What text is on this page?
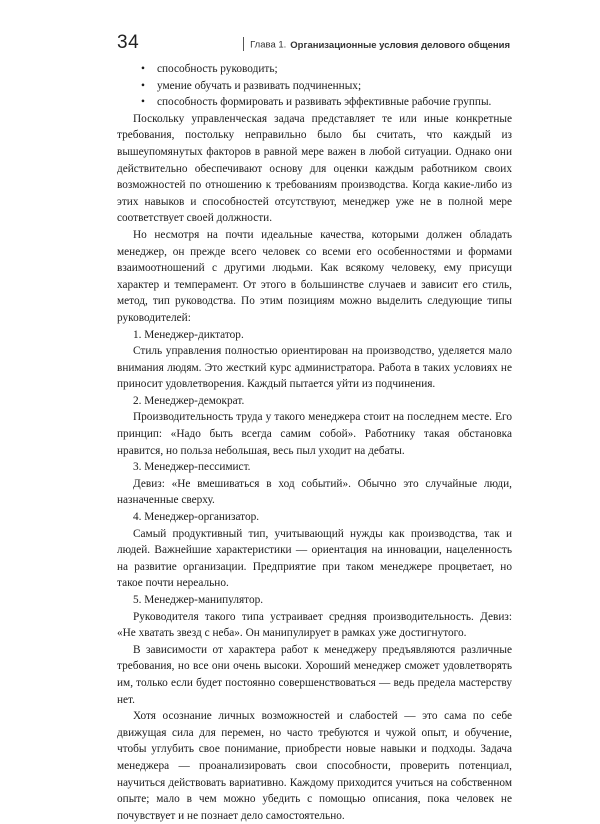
34	Глава 1. Организационные условия делового общения
• способность руководить;
• умение обучать и развивать подчиненных;
• способность формировать и развивать эффективные рабочие группы.

Поскольку управленческая задача представляет те или иные конкретные требования, постольку неправильно было бы считать, что каждый из вышеупомянутых факторов в равной мере важен в любой ситуации. Однако они действительно обеспечивают основу для оценки каждым работником своих возможностей по отношению к требованиям производства. Когда какие-либо из этих навыков и способностей отсутствуют, менеджер уже не в полной мере соответствует своей должности.

Но несмотря на почти идеальные качества, которыми должен обладать менеджер, он прежде всего человек со всеми его особенностями и формами взаимоотношений с другими людьми. Как всякому человеку, ему присущи характер и темперамент. От этого в большинстве случаев и зависит его стиль, метод, тип руководства. По этим позициям можно выделить следующие типы руководителей:

1. Менеджер-диктатор.

Стиль управления полностью ориентирован на производство, уделяется мало внимания людям. Это жесткий курс администратора. Работа в таких условиях не приносит удовлетворения. Каждый пытается уйти из подчинения.

2. Менеджер-демократ.

Производительность труда у такого менеджера стоит на последнем месте. Его принцип: «Надо быть всегда самим собой». Работнику такая обстановка нравится, но польза небольшая, весь пыл уходит на дебаты.

3. Менеджер-пессимист.

Девиз: «Не вмешиваться в ход событий». Обычно это случайные люди, назначенные сверху.

4. Менеджер-организатор.

Самый продуктивный тип, учитывающий нужды как производства, так и людей. Важнейшие характеристики — ориентация на инновации, нацеленность на развитие организации. Предприятие при таком менеджере процветает, но такое почти нереально.

5. Менеджер-манипулятор.

Руководителя такого типа устраивает средняя производительность. Девиз: «Не хватать звезд с неба». Он манипулирует в рамках уже достигнутого.

В зависимости от характера работ к менеджеру предъявляются различные требования, но все они очень высоки. Хороший менеджер сможет удовлетворять им, только если будет постоянно совершенствоваться — ведь предела мастерству нет.

Хотя осознание личных возможностей и слабостей — это сама по себе движущая сила для перемен, но часто требуются и чужой опыт, и обучение, чтобы углубить свое понимание, приобрести новые навыки и подходы. Задача менеджера — проанализировать свои способности, проверить потенциал, научиться действовать вариативно. Каждому приходится учиться на собственном опыте; мало в чем можно убедить с помощью описания, пока человек не почувствует и не познает дело самостоятельно.
